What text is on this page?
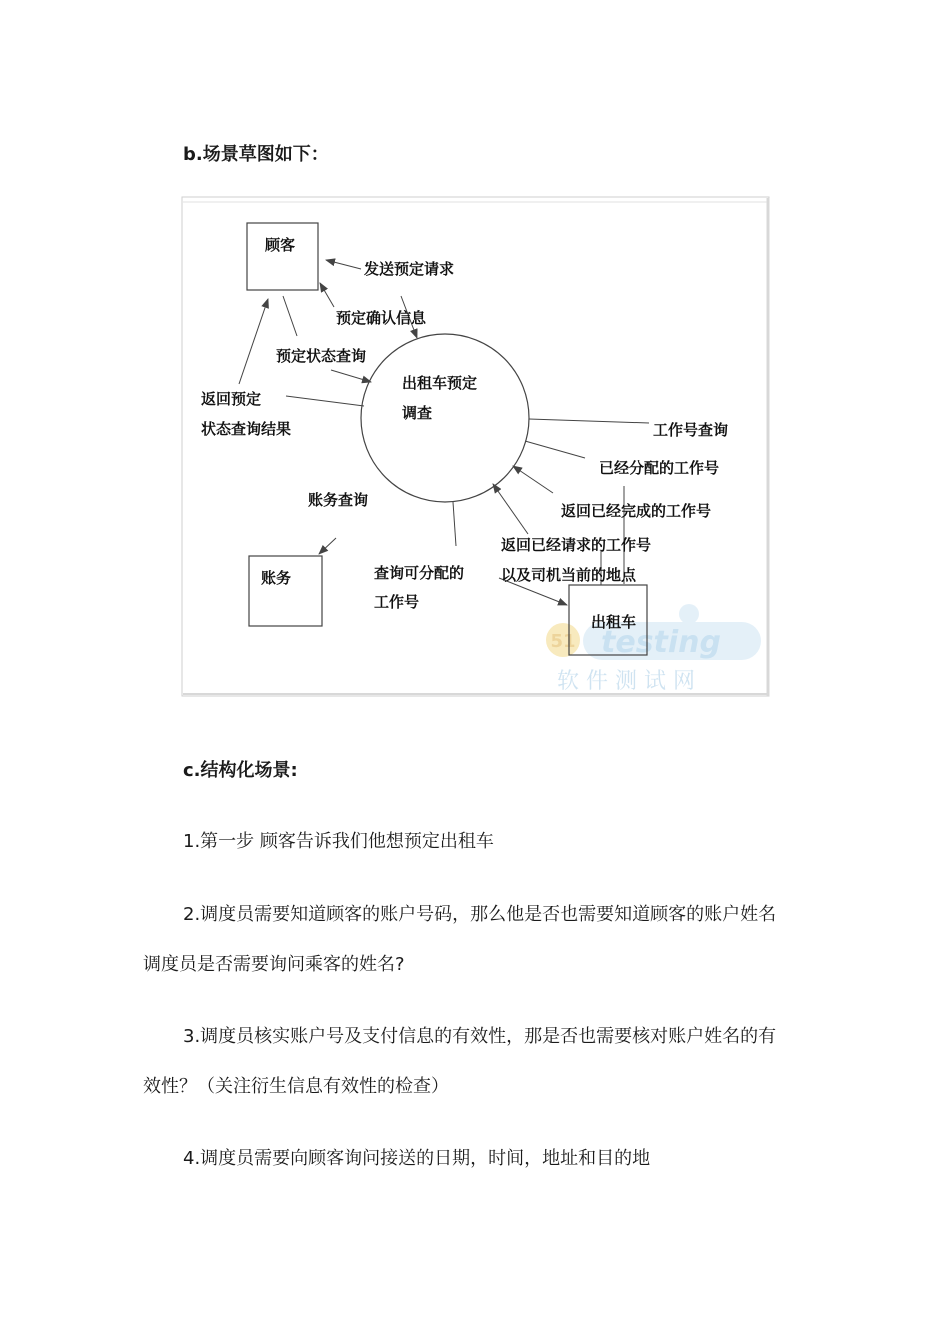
b.场景草图如下：
51 testing
软 件 测 试 网
顾客
账务
出租车
出租车预定
调查
发送预定请求
预定确认信息
预定状态查询
返回预定
状态查询结果
账务查询
查询可分配的
工作号
工作号查询
已经分配的工作号
返回已经完成的工作号
返回已经请求的工作号
以及司机当前的地点
c.结构化场景:
1.第一步 顾客告诉我们他想预定出租车
2.调度员需要知道顾客的账户号码，那么他是否也需要知道顾客的账户姓名
调度员是否需要询问乘客的姓名?
3.调度员核实账户号及支付信息的有效性，那是否也需要核对账户姓名的有
效性？（关注衍生信息有效性的检查）
4.调度员需要向顾客询问接送的日期，时间，地址和目的地
